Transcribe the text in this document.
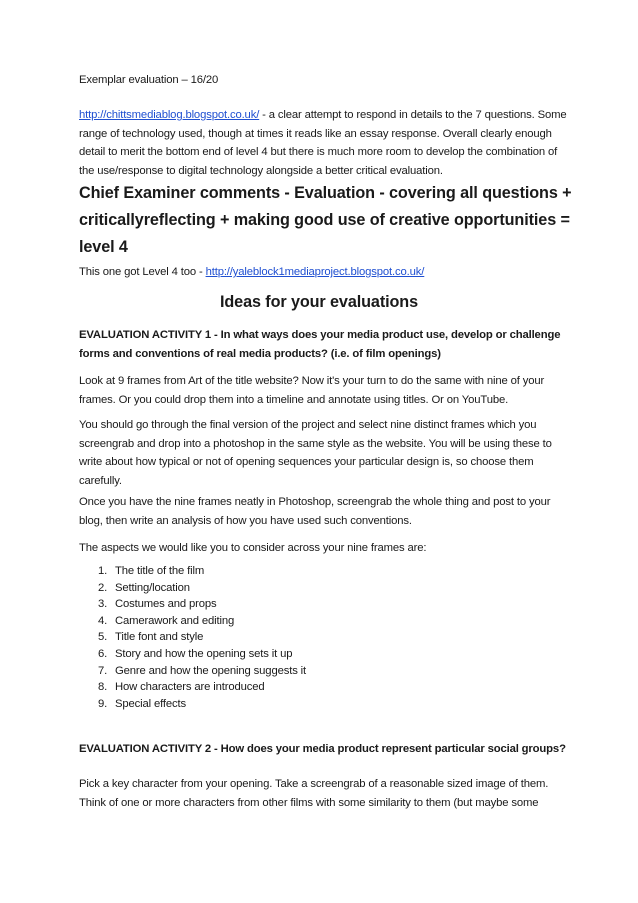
Exemplar evaluation – 16/20

http://chittsmediablog.blogspot.co.uk/ - a clear attempt to respond in details to the 7 questions. Some range of technology used, though at times it reads like an essay response. Overall clearly enough detail to merit the bottom end of level 4 but there is much more room to develop the combination of the use/response to digital technology alongside a better critical evaluation.

Chief Examiner comments - Evaluation - covering all questions + criticallyreflecting + making good use of creative opportunities = level 4

This one got Level 4 too - http://yaleblock1mediaproject.blogspot.co.uk/

Ideas for your evaluations

EVALUATION ACTIVITY 1 - In what ways does your media product use, develop or challenge forms and conventions of real media products? (i.e. of film openings)

Look at 9 frames from Art of the title website? Now it's your turn to do the same with nine of your frames. Or you could drop them into a timeline and annotate using titles. Or on YouTube.

You should go through the final version of the project and select nine distinct frames which you screengrab and drop into a photoshop in the same style as the website. You will be using these to write about how typical or not of opening sequences your particular design is, so choose them carefully.

Once you have the nine frames neatly in Photoshop, screengrab the whole thing and post to your blog, then write an analysis of how you have used such conventions.

The aspects we would like you to consider across your nine frames are:

1. The title of the film
2. Setting/location
3. Costumes and props
4. Camerawork and editing
5. Title font and style
6. Story and how the opening sets it up
7. Genre and how the opening suggests it
8. How characters are introduced
9. Special effects

EVALUATION ACTIVITY 2 - How does your media product represent particular social groups?

Pick a key character from your opening. Take a screengrab of a reasonable sized image of them. Think of one or more characters from other films with some similarity to them (but maybe some
